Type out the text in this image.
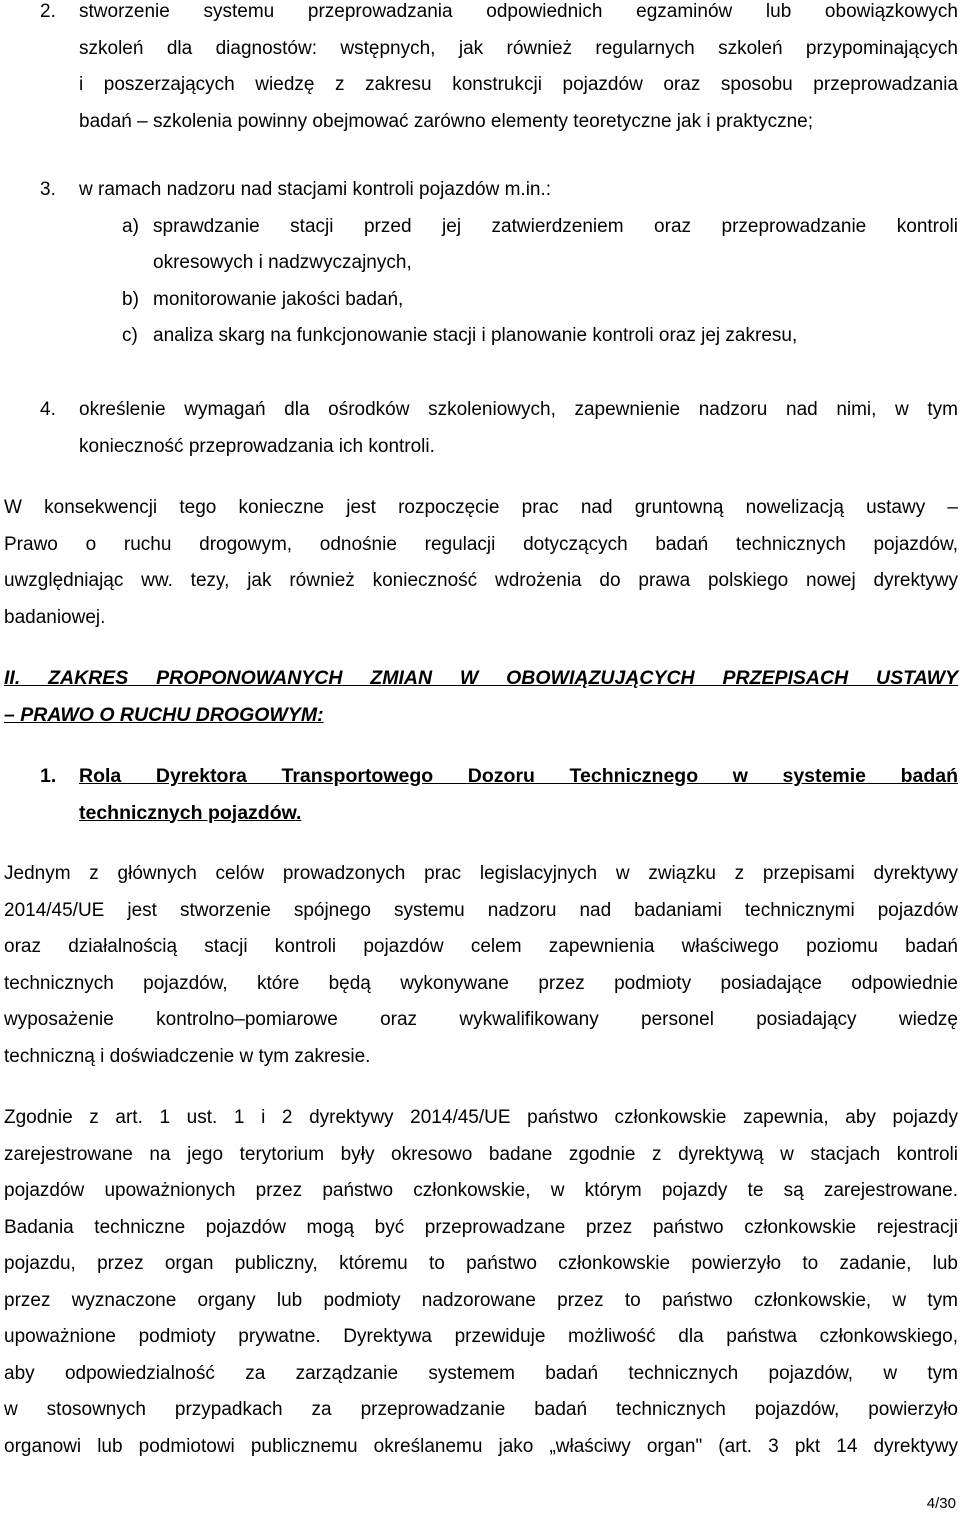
2. stworzenie systemu przeprowadzania odpowiednich egzaminów lub obowiązkowych
szkoleń dla diagnostów: wstępnych, jak również regularnych szkoleń przypominających
i poszerzających wiedzę z zakresu konstrukcji pojazdów oraz sposobu przeprowadzania
badań – szkolenia powinny obejmować zarówno elementy teoretyczne jak i praktyczne;
3. w ramach nadzoru nad stacjami kontroli pojazdów m.in.:
a) sprawdzanie stacji przed jej zatwierdzeniem oraz przeprowadzanie kontroli
okresowych i nadzwyczajnych,
b) monitorowanie jakości badań,
c) analiza skarg na funkcjonowanie stacji i planowanie kontroli oraz jej zakresu,
4. określenie wymagań dla ośrodków szkoleniowych, zapewnienie nadzoru nad nimi, w tym
konieczność przeprowadzania ich kontroli.
W konsekwencji tego konieczne jest rozpoczęcie prac nad gruntowną nowelizacją ustawy –
Prawo o ruchu drogowym, odnośnie regulacji dotyczących badań technicznych pojazdów,
uwzględniając ww. tezy, jak również konieczność wdrożenia do prawa polskiego nowej dyrektywy
badaniowej.
II. ZAKRES PROPONOWANYCH ZMIAN W OBOWIĄZUJĄCYCH PRZEPISACH USTAWY
– PRAWO O RUCHU DROGOWYM:
1. Rola Dyrektora Transportowego Dozoru Technicznego w systemie badań
technicznych pojazdów.
Jednym z głównych celów prowadzonych prac legislacyjnych w związku z przepisami dyrektywy
2014/45/UE jest stworzenie spójnego systemu nadzoru nad badaniami technicznymi pojazdów
oraz działalnością stacji kontroli pojazdów celem zapewnienia właściwego poziomu badań
technicznych pojazdów, które będą wykonywane przez podmioty posiadające odpowiednie
wyposażenie kontrolno–pomiarowe oraz wykwalifikowany personel posiadający wiedzę
techniczną i doświadczenie w tym zakresie.
Zgodnie z art. 1 ust. 1 i 2 dyrektywy 2014/45/UE państwo członkowskie zapewnia, aby pojazdy
zarejestrowane na jego terytorium były okresowo badane zgodnie z dyrektywą w stacjach kontroli
pojazdów upoważnionych przez państwo członkowskie, w którym pojazdy te są zarejestrowane.
Badania techniczne pojazdów mogą być przeprowadzane przez państwo członkowskie rejestracji
pojazdu, przez organ publiczny, któremu to państwo członkowskie powierzyło to zadanie, lub
przez wyznaczone organy lub podmioty nadzorowane przez to państwo członkowskie, w tym
upoważnione podmioty prywatne. Dyrektywa przewiduje możliwość dla państwa członkowskiego,
aby odpowiedzialność za zarządzanie systemem badań technicznych pojazdów, w tym
w stosownych przypadkach za przeprowadzanie badań technicznych pojazdów, powierzyło
organowi lub podmiotowi publicznemu określanemu jako „właściwy organ" (art. 3 pkt 14 dyrektywy
4/30
